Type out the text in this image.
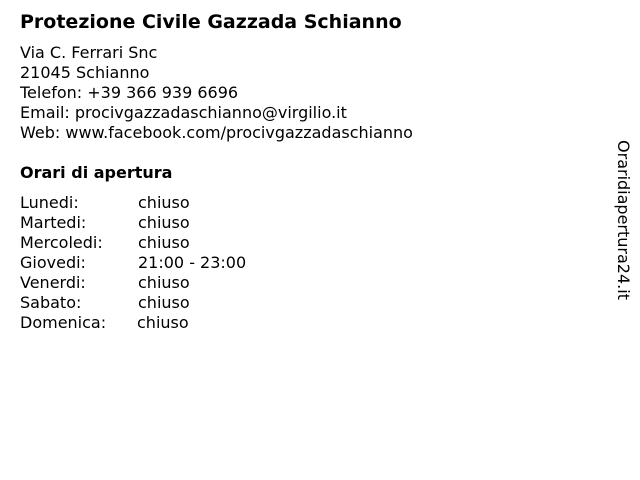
Protezione Civile Gazzada Schianno
Via C. Ferrari Snc
21045 Schianno
Telefon: +39 366 939 6696
Email: procivgazzadaschianno@virgilio.it
Web: www.facebook.com/procivgazzadaschianno
Orari di apertura
Lunedi:	chiuso
Martedi:	chiuso
Mercoledi: chiuso
Giovedi:	21:00 - 23:00
Venerdi:	chiuso
Sabato:	chiuso
Domenica: chiuso
Oraridiapertura24.it
